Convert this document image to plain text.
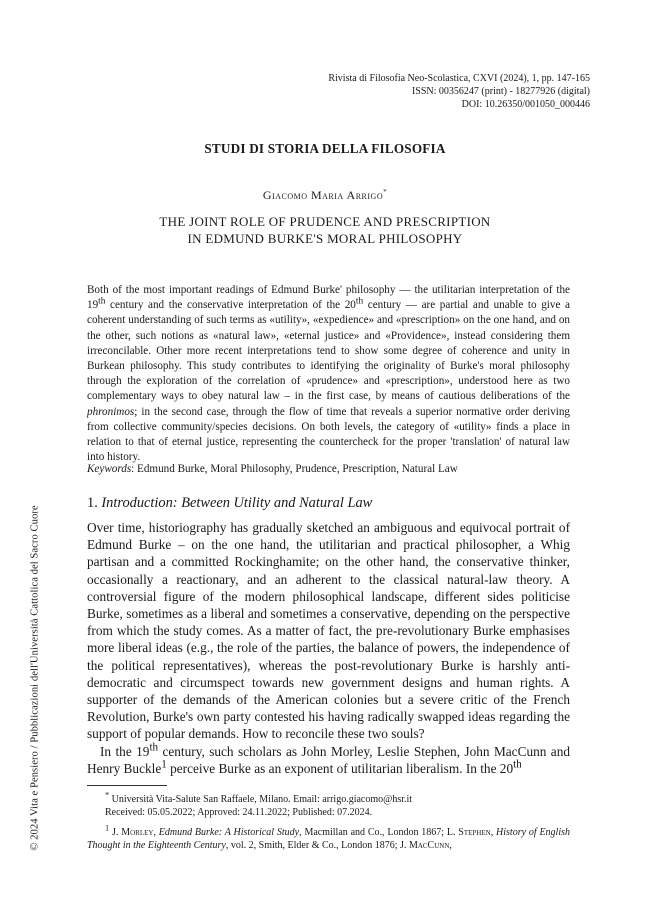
© 2024 Vita e Pensiero / Pubblicazioni dell'Università Cattolica del Sacro Cuore
Rivista di Filosofia Neo-Scolastica, CXVI (2024), 1, pp. 147-165
ISSN: 00356247 (print) - 18277926 (digital)
DOI: 10.26350/001050_000446
STUDI DI STORIA DELLA FILOSOFIA
Giacomo Maria Arrigo*
THE JOINT ROLE OF PRUDENCE AND PRESCRIPTION
IN EDMUND BURKE'S MORAL PHILOSOPHY

Both of the most important readings of Edmund Burke' philosophy — the utilitarian interpretation of the 19th century and the conservative interpretation of the 20th century — are partial and unable to give a coherent understanding of such terms as «utility», «expedience» and «prescription» on the one hand, and on the other, such notions as «natural law», «eternal justice» and «Providence», instead considering them irreconcilable. Other more recent interpretations tend to show some degree of coherence and unity in Burkean philosophy. This study contributes to identifying the originality of Burke's moral philosophy through the exploration of the correlation of «prudence» and «prescription», understood here as two complementary ways to obey natural law – in the first case, by means of cautious deliberations of the phronimos; in the second case, through the flow of time that reveals a superior normative order deriving from collective community/species decisions. On both levels, the category of «utility» finds a place in relation to that of eternal justice, representing the countercheck for the proper 'translation' of natural law into history.

Keywords: Edmund Burke, Moral Philosophy, Prudence, Prescription, Natural Law
1. Introduction: Between Utility and Natural Law

Over time, historiography has gradually sketched an ambiguous and equivocal portrait of Edmund Burke – on the one hand, the utilitarian and practical philosopher, a Whig partisan and a committed Rockinghamite; on the other hand, the conservative thinker, occasionally a reactionary, and an adherent to the classical natural-law theory. A controversial figure of the modern philosophical landscape, different sides politicise Burke, sometimes as a liberal and sometimes a conservative, depending on the perspective from which the study comes. As a matter of fact, the pre-revolutionary Burke emphasises more liberal ideas (e.g., the role of the parties, the balance of powers, the independence of the political representatives), whereas the post-revolutionary Burke is harshly anti-democratic and circumspect towards new government designs and human rights. A supporter of the demands of the American colonies but a severe critic of the French Revolution, Burke's own party contested his having radically swapped ideas regarding the support of popular demands. How to reconcile these two souls?

In the 19th century, such scholars as John Morley, Leslie Stephen, John MacCunn and Henry Buckle$^1$ perceive Burke as an exponent of utilitarian liberalism. In the 20th

* Università Vita-Salute San Raffaele, Milano. Email: arrigo.giacomo@hsr.it
Received: 05.05.2022; Approved: 24.11.2022; Published: 07.2024.
$^1$ J. Morley, Edmund Burke: A Historical Study, Macmillan and Co., London 1867; L. Stephen, History of English Thought in the Eighteenth Century, vol. 2, Smith, Elder & Co., London 1876; J. MacCunn,
